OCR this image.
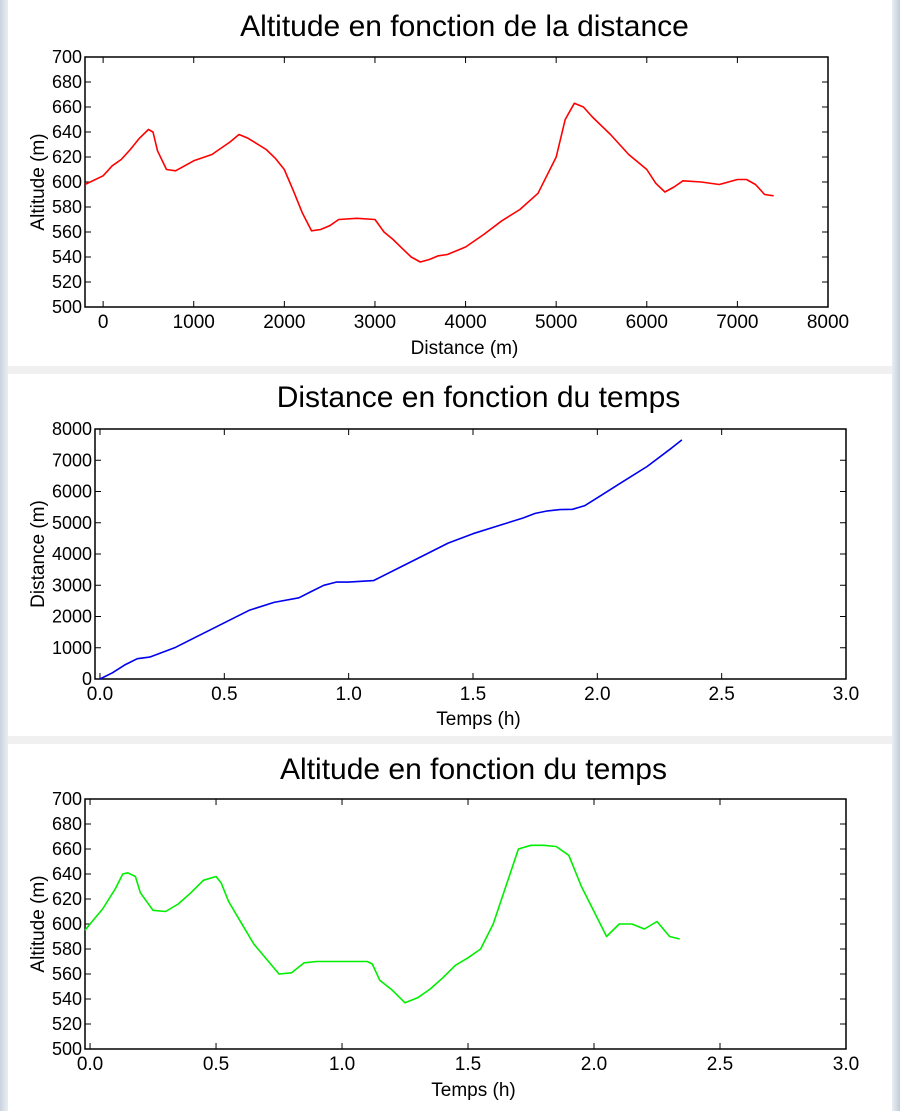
Altitude en fonction de la distance
0	1000	2000	3000	4000	5000	6000	7000	8000
500
520
540
560
580
600
620
640
660
680
700
Distance (m)
Altitude (m)
Distance en fonction du temps
0.0	0.5	1.0	1.5	2.0	2.5	3.0
0
1000
2000
3000
4000
5000
6000
7000
8000
Temps (h)
Distance (m)
Altitude en fonction du temps
0.0	0.5	1.0	1.5	2.0	2.5	3.0
500
520
540
560
580
600
620
640
660
680
700
Temps (h)
Altitude (m)
